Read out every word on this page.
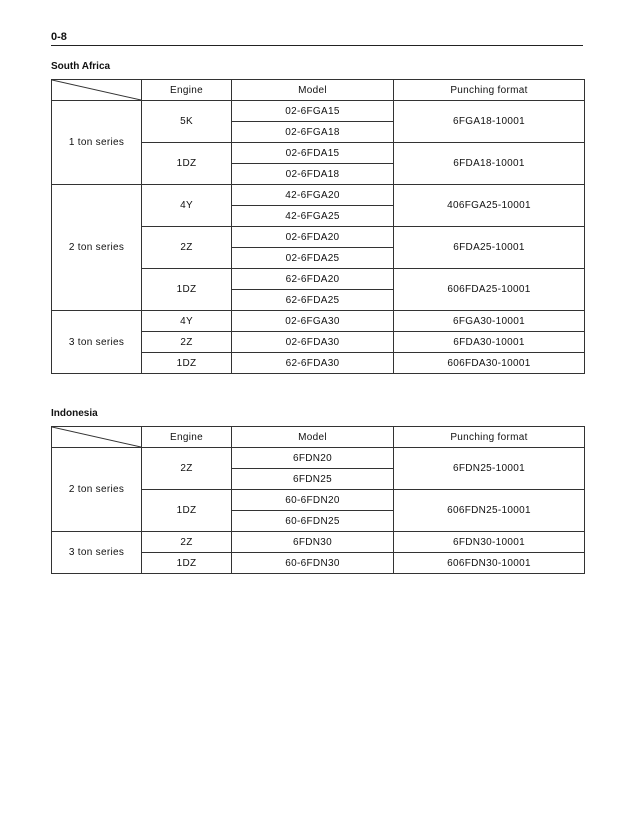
0-8
South Africa
	Engine	Model	Punching format
1 ton series	5K	02-6FGA15	6FGA18-10001
		02-6FGA18	
	1DZ	02-6FDA15	6FDA18-10001
		02-6FDA18	
2 ton series	4Y	42-6FGA20	406FGA25-10001
		42-6FGA25	
	2Z	02-6FDA20	6FDA25-10001
		02-6FDA25	
	1DZ	62-6FDA20	606FDA25-10001
		62-6FDA25	
3 ton series	4Y	02-6FGA30	6FGA30-10001
	2Z	02-6FDA30	6FDA30-10001
	1DZ	62-6FDA30	606FDA30-10001
Indonesia
	Engine	Model	Punching format
2 ton series	2Z	6FDN20	6FDN25-10001
		6FDN25	
	1DZ	60-6FDN20	606FDN25-10001
		60-6FDN25	
3 ton series	2Z	6FDN30	6FDN30-10001
	1DZ	60-6FDN30	606FDN30-10001
